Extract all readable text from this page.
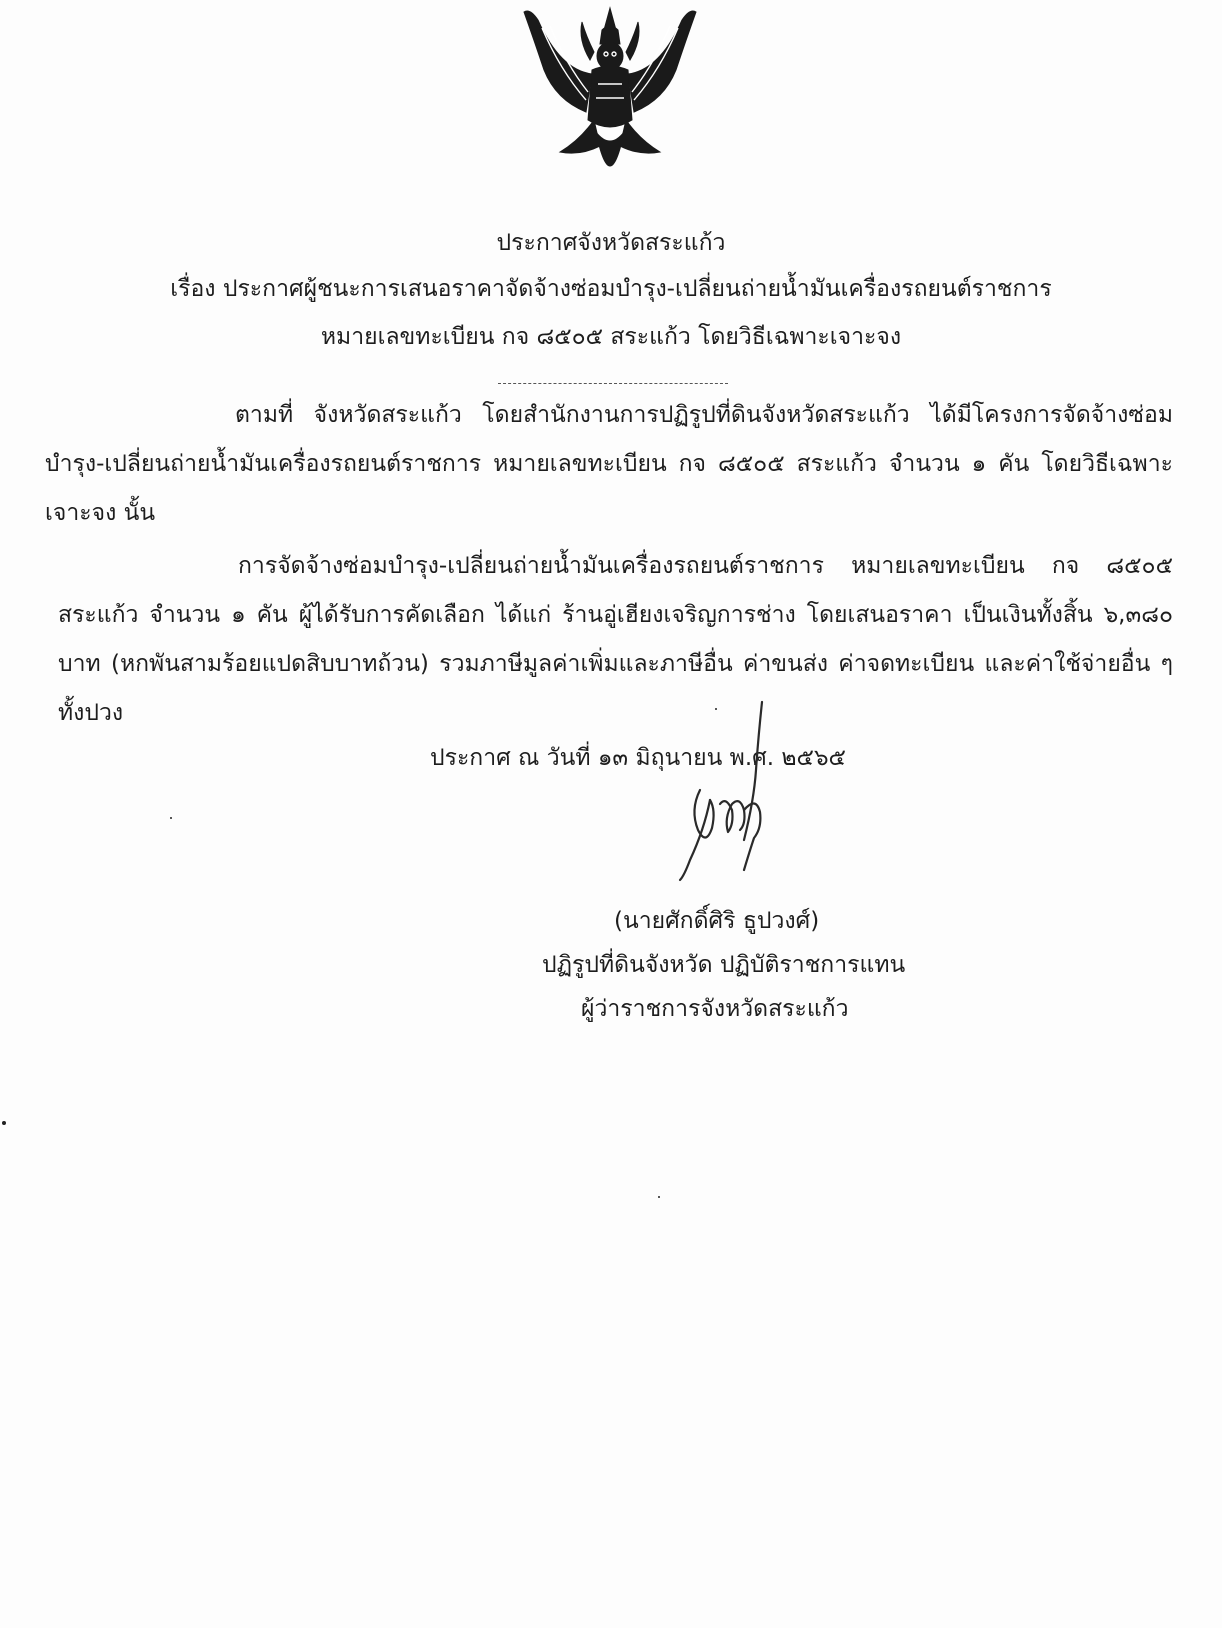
ประกาศจังหวัดสระแก้ว
เรื่อง ประกาศผู้ชนะการเสนอราคาจัดจ้างซ่อมบำรุง-เปลี่ยนถ่ายน้ำมันเครื่องรถยนต์ราชการ
หมายเลขทะเบียน กจ ๘๕๐๕ สระแก้ว โดยวิธีเฉพาะเจาะจง
ตามที่ จังหวัดสระแก้ว โดยสำนักงานการปฏิรูปที่ดินจังหวัดสระแก้ว ได้มีโครงการจัดจ้างซ่อมบำรุง-เปลี่ยนถ่ายน้ำมันเครื่องรถยนต์ราชการ หมายเลขทะเบียน กจ ๘๕๐๕ สระแก้ว จำนวน ๑ คัน โดยวิธีเฉพาะเจาะจง นั้น
การจัดจ้างซ่อมบำรุง-เปลี่ยนถ่ายน้ำมันเครื่องรถยนต์ราชการ หมายเลขทะเบียน กจ ๘๕๐๕ สระแก้ว จำนวน ๑ คัน ผู้ได้รับการคัดเลือก ได้แก่ ร้านอู่เฮียงเจริญการช่าง โดยเสนอราคา เป็นเงินทั้งสิ้น ๖,๓๘๐ บาท (หกพันสามร้อยแปดสิบบาทถ้วน) รวมภาษีมูลค่าเพิ่มและภาษีอื่น ค่าขนส่ง ค่าจดทะเบียน และค่าใช้จ่ายอื่น ๆ ทั้งปวง
ประกาศ ณ วันที่ ๑๓ มิถุนายน พ.ศ. ๒๕๖๕
(นายศักดิ์ศิริ ธูปวงศ์)
ปฏิรูปที่ดินจังหวัด ปฏิบัติราชการแทน
ผู้ว่าราชการจังหวัดสระแก้ว
